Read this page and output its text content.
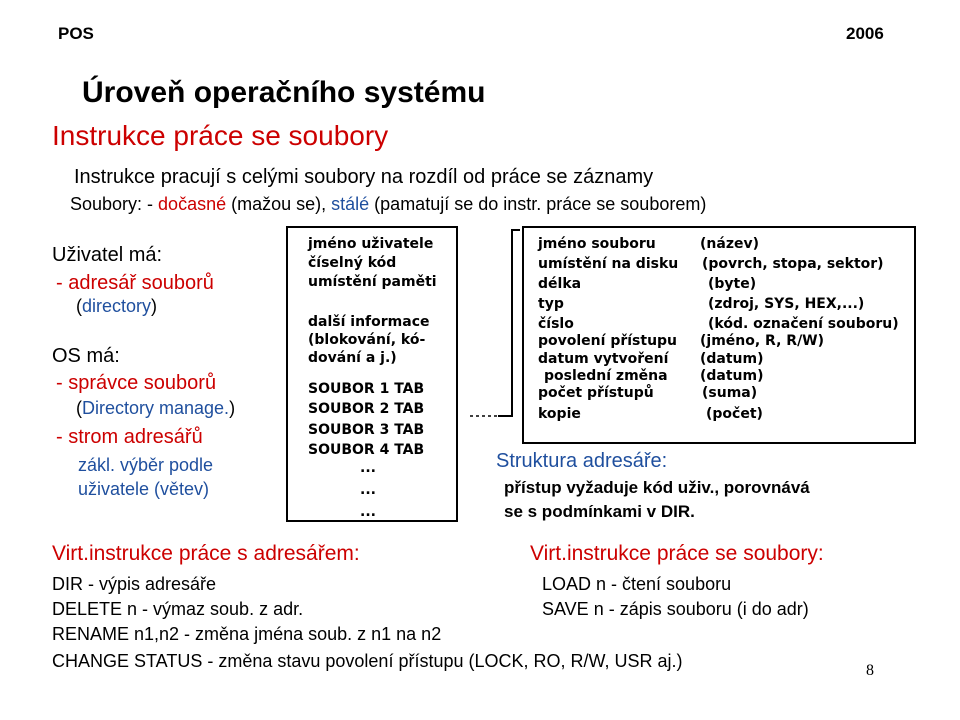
POS	2006
Úroveň operačního systému
Instrukce práce se soubory
Instrukce pracují s celými soubory na rozdíl od práce se záznamy
Soubory: - dočasné (mažou se), stálé (pamatují se do instr. práce se souborem)
Uživatel má:
- adresář souborů
(directory)
OS má:
- správce souborů
(Directory manage.)
- strom adresářů
zákl. výběr podle
uživatele (větev)
jméno uživatele
číselný kód
umístění paměti
další informace
(blokování, kó-
dování a j.)
SOUBOR 1 TAB
SOUBOR 2 TAB
SOUBOR 3 TAB
SOUBOR 4 TAB
...
...
...
jméno souboru
umístění na disku
délka
typ
číslo
povolení přístupu
datum vytvoření
poslední změna
počet přístupů
kopie
(název)
(povrch, stopa, sektor)
(byte)
(zdroj, SYS, HEX,...)
(kód. označení souboru)
(jméno, R, R/W)
(datum)
(datum)
(suma)
(počet)
Struktura adresáře:
přístup vyžaduje kód uživ., porovnává
se s podmínkami v DIR.
Virt.instrukce práce s adresářem:
DIR - výpis adresáře
DELETE n - výmaz soub. z adr.
RENAME n1,n2 - změna jména soub. z n1 na n2
CHANGE STATUS - změna stavu povolení přístupu (LOCK, RO, R/W, USR aj.)
Virt.instrukce práce se soubory:
LOAD n - čtení souboru
SAVE n - zápis souboru (i do adr)
8
